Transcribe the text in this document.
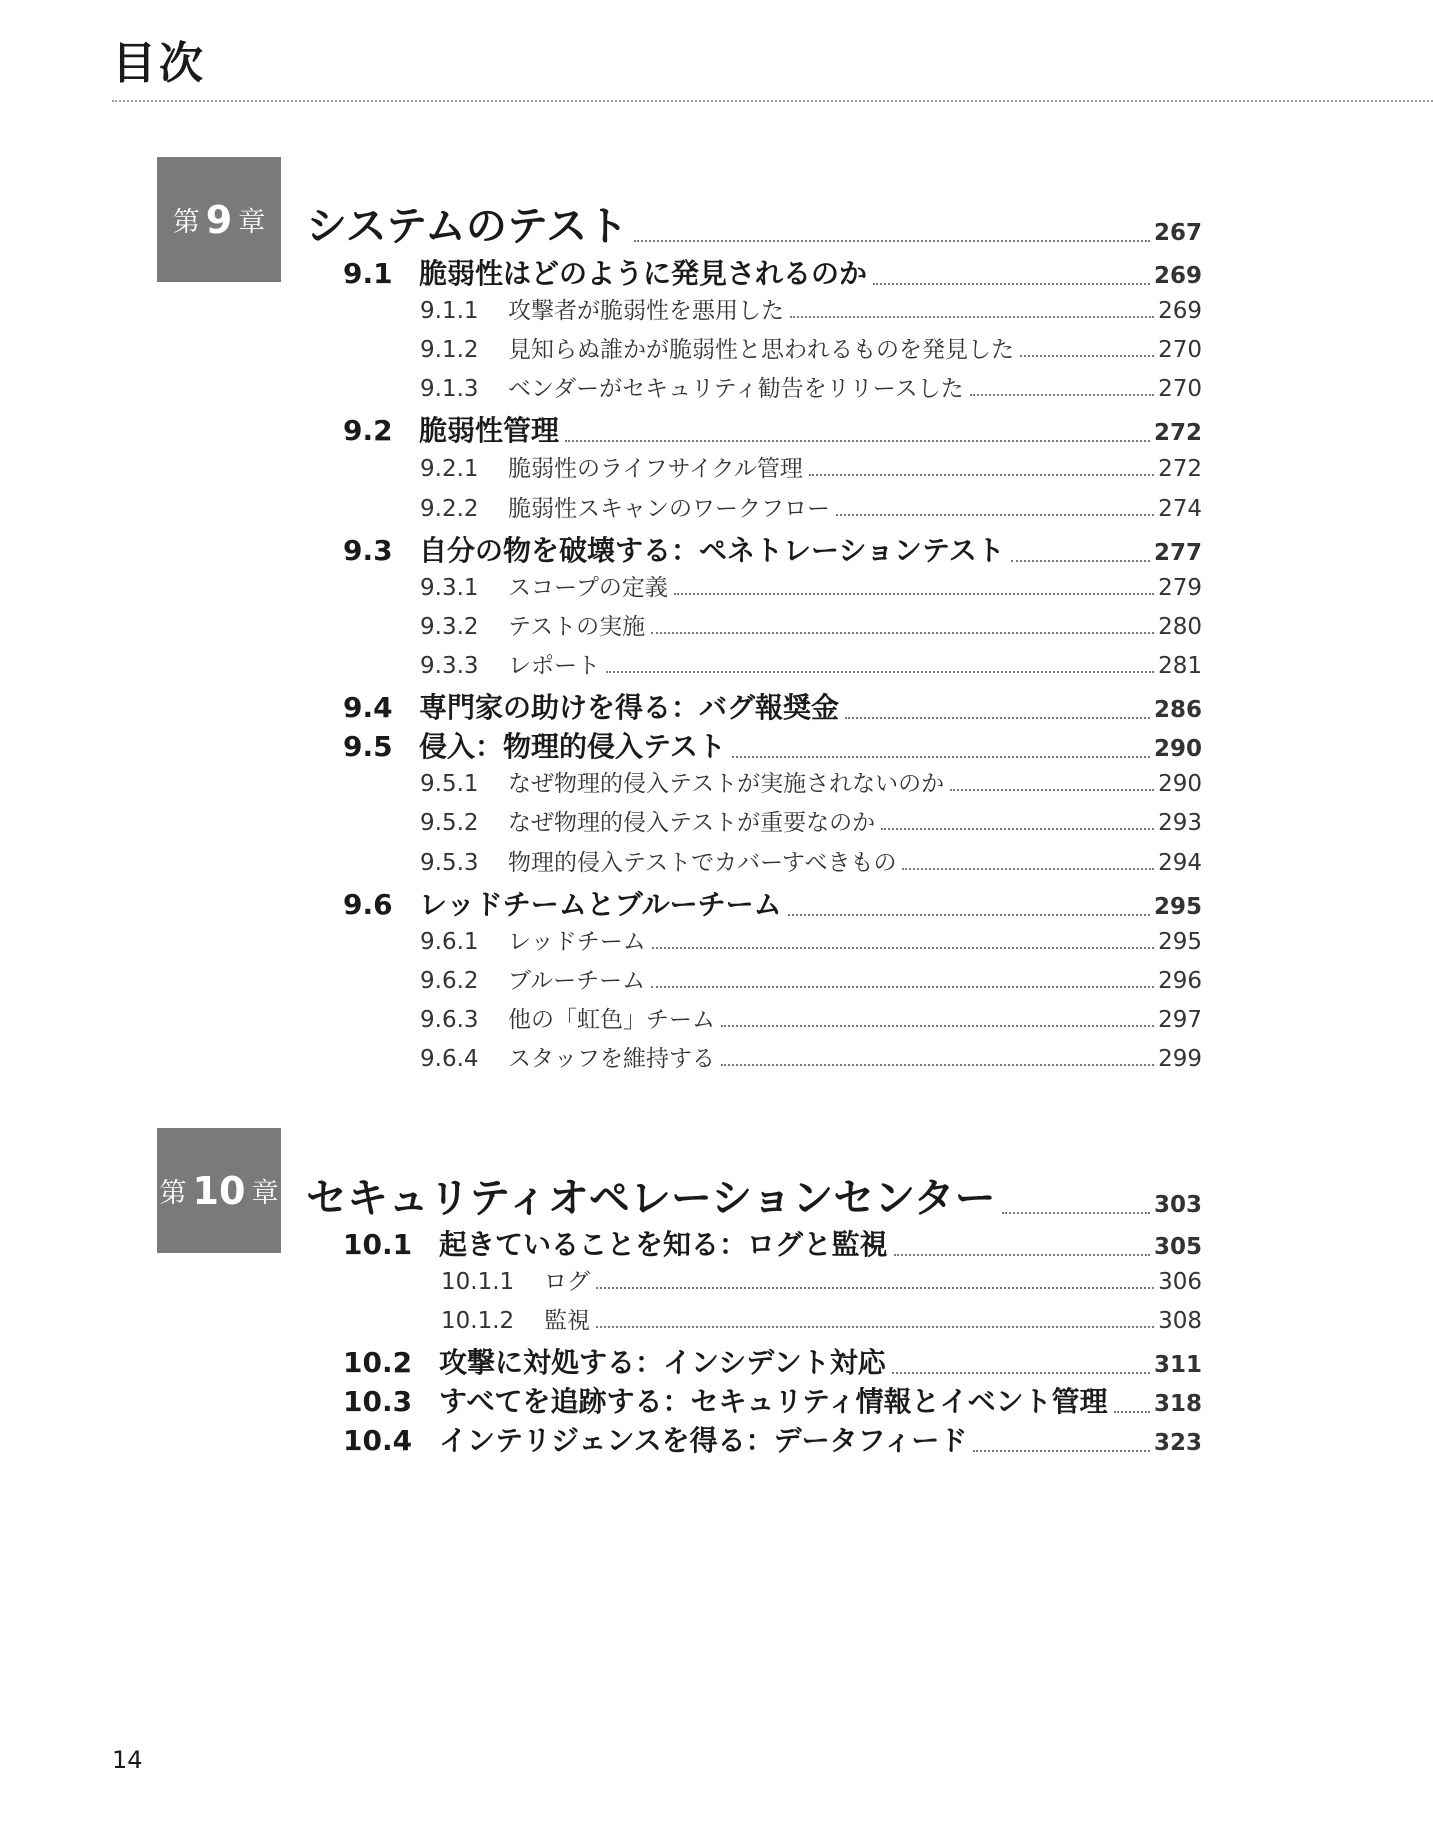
目次
第 9 章 システムのテスト	267
9.1 脆弱性はどのように発見されるのか	269
9.1.1	攻撃者が脆弱性を悪用した	269
9.1.2	見知らぬ誰かが脆弱性と思われるものを発見した	270
9.1.3	ベンダーがセキュリティ勧告をリリースした	270
9.2 脆弱性管理	272
9.2.1	脆弱性のライフサイクル管理	272
9.2.2	脆弱性スキャンのワークフロー	274
9.3 自分の物を破壊する：ペネトレーションテスト	277
9.3.1	スコープの定義	279
9.3.2	テストの実施	280
9.3.3	レポート	281
9.4 専門家の助けを得る：バグ報奨金	286
9.5 侵入：物理的侵入テスト	290
9.5.1	なぜ物理的侵入テストが実施されないのか	290
9.5.2	なぜ物理的侵入テストが重要なのか	293
9.5.3	物理的侵入テストでカバーすべきもの	294
9.6 レッドチームとブルーチーム	295
9.6.1	レッドチーム	295
9.6.2	ブルーチーム	296
9.6.3	他の「虹色」チーム	297
9.6.4	スタッフを維持する	299
第 10 章 セキュリティオペレーションセンター	303
10.1 起きていることを知る：ログと監視	305
10.1.1	ログ	306
10.1.2	監視	308
10.2 攻撃に対処する：インシデント対応	311
10.3 すべてを追跡する：セキュリティ情報とイベント管理 318
10.4 インテリジェンスを得る：データフィード	323
14
